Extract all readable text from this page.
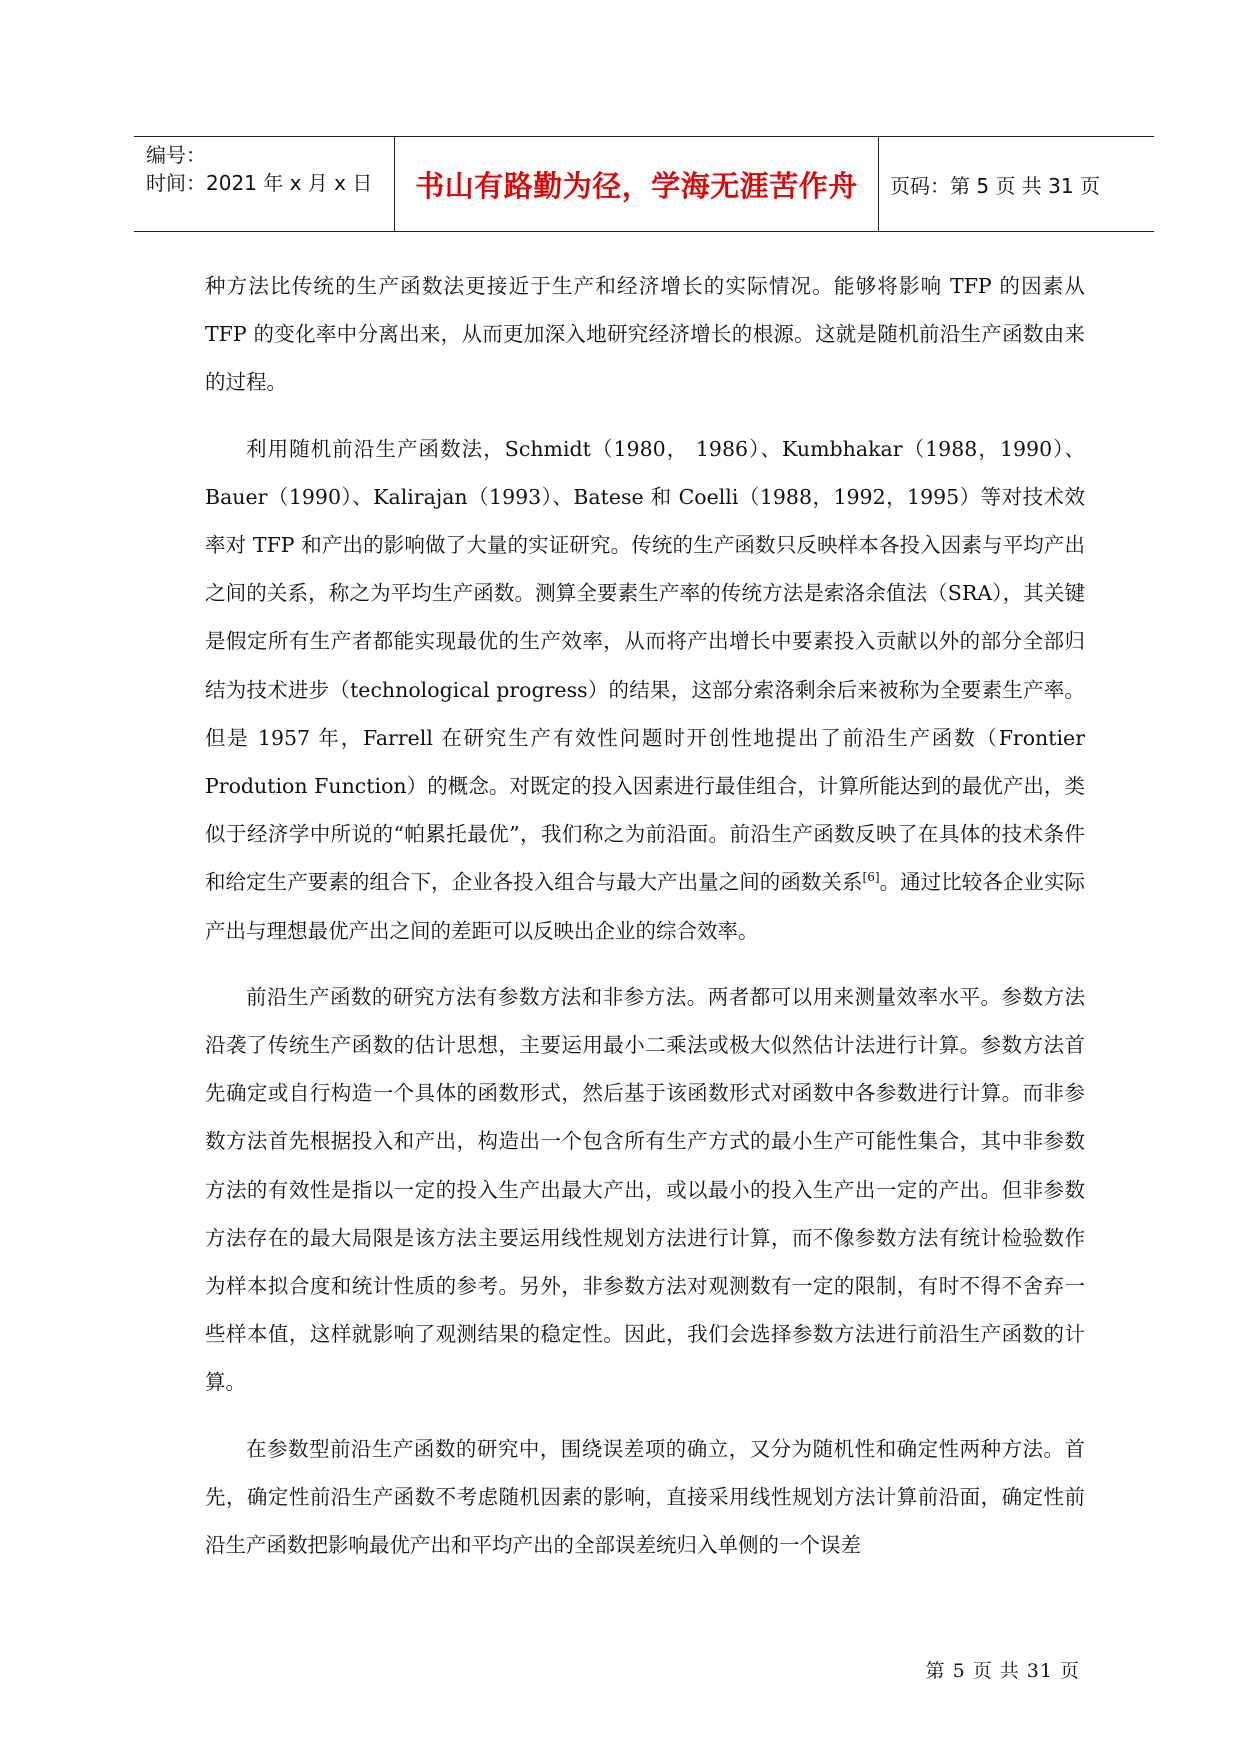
编号：
时间：2021 年 x 月 x 日	书山有路勤为径，学海无涯苦作舟	页码：第 5 页 共 31 页

种方法比传统的生产函数法更接近于生产和经济增长的实际情况。能够将影响 TFP 的因素从 TFP 的变化率中分离出来，从而更加深入地研究经济增长的根源。这就是随机前沿生产函数由来的过程。

利用随机前沿生产函数法，Schmidt（1980， 1986）、Kumbhakar（1988，1990）、Bauer（1990）、Kalirajan（1993）、Batese 和 Coelli（1988，1992，1995）等对技术效率对 TFP 和产出的影响做了大量的实证研究。传统的生产函数只反映样本各投入因素与平均产出之间的关系，称之为平均生产函数。测算全要素生产率的传统方法是索洛余值法（SRA），其关键是假定所有生产者都能实现最优的生产效率，从而将产出增长中要素投入贡献以外的部分全部归结为技术进步（technological progress）的结果，这部分索洛剩余后来被称为全要素生产率。但是 1957 年，Farrell 在研究生产有效性问题时开创性地提出了前沿生产函数（Frontier Prodution Function）的概念。对既定的投入因素进行最佳组合，计算所能达到的最优产出，类似于经济学中所说的“帕累托最优”，我们称之为前沿面。前沿生产函数反映了在具体的技术条件和给定生产要素的组合下，企业各投入组合与最大产出量之间的函数关系[6]。通过比较各企业实际产出与理想最优产出之间的差距可以反映出企业的综合效率。

前沿生产函数的研究方法有参数方法和非参方法。两者都可以用来测量效率水平。参数方法沿袭了传统生产函数的估计思想，主要运用最小二乘法或极大似然估计法进行计算。参数方法首先确定或自行构造一个具体的函数形式，然后基于该函数形式对函数中各参数进行计算。而非参数方法首先根据投入和产出，构造出一个包含所有生产方式的最小生产可能性集合，其中非参数方法的有效性是指以一定的投入生产出最大产出，或以最小的投入生产出一定的产出。但非参数方法存在的最大局限是该方法主要运用线性规划方法进行计算，而不像参数方法有统计检验数作为样本拟合度和统计性质的参考。另外，非参数方法对观测数有一定的限制，有时不得不舍弃一些样本值，这样就影响了观测结果的稳定性。因此，我们会选择参数方法进行前沿生产函数的计算。

在参数型前沿生产函数的研究中，围绕误差项的确立，又分为随机性和确定性两种方法。首先，确定性前沿生产函数不考虑随机因素的影响，直接采用线性规划方法计算前沿面，确定性前沿生产函数把影响最优产出和平均产出的全部误差统归入单侧的一个误差

第 5 页 共 31 页
